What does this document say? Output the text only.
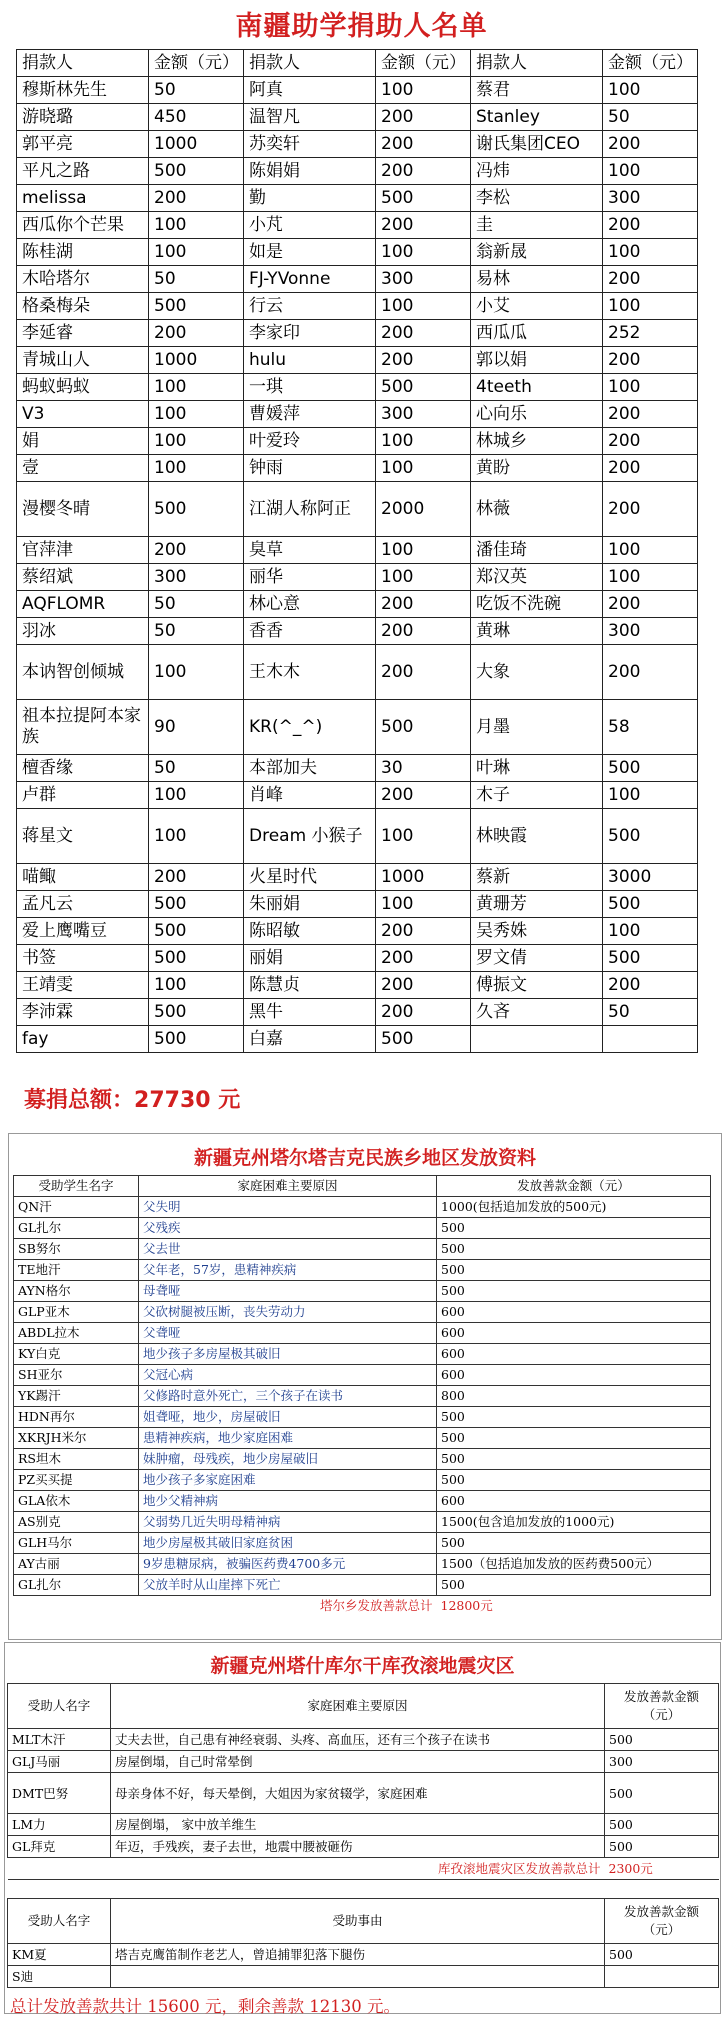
南疆助学捐助人名单
捐款人	金额（元）	捐款人	金额（元）	捐款人	金额（元）
穆斯林先生	50	阿真	100	蔡君	100
游晓璐	450	温智凡	200	Stanley	50
郭平亮	1000	苏奕轩	200	谢氏集团CEO	200
平凡之路	500	陈娟娟	200	冯炜	100
melissa	200	勤	500	李松	300
西瓜你个芒果	100	小芃	200	圭	200
陈桂湖	100	如是	100	翁新晟	100
木哈塔尔	50	FJ-YVonne	300	易林	200
格桑梅朵	500	行云	100	小艾	100
李延睿	200	李家印	200	西瓜瓜	252
青城山人	1000	hulu	200	郭以娟	200
蚂蚁蚂蚁	100	一琪	500	4teeth	100
V3	100	曹媛萍	300	心向乐	200
娟	100	叶爱玲	100	林城乡	200
壹	100	钟雨	100	黄盼	200
漫樱冬晴	500	江湖人称阿正	2000	林薇	200
官萍津	200	臭草	100	潘佳琦	100
蔡绍斌	300	丽华	100	郑汉英	100
AQFLOMR	50	林心意	200	吃饭不洗碗	200
羽冰	50	香香	200	黄琳	300
本讷智创倾城	100	王木木	200	大象	200
祖本拉提阿本家族	90	KR(^_^)	500	月墨	58
檀香缘	50	本部加夫	30	叶琳	500
卢群	100	肖峰	200	木子	100
蒋星文	100	Dream 小猴子	100	林映霞	500
喵鲰	200	火星时代	1000	蔡新	3000
孟凡云	500	朱丽娟	100	黄珊芳	500
爱上鹰嘴豆	500	陈昭敏	200	吴秀姝	100
书签	500	丽娟	200	罗文倩	500
王靖雯	100	陈慧贞	200	傅振文	200
李沛霖	500	黑牛	200	久吝	50
fay	500	白嘉	500		
募捐总额：27730 元
新疆克州塔尔塔吉克民族乡地区发放资料
受助学生名字	家庭困难主要原因	发放善款金额（元）
QN汗	父失明	1000(包括追加发放的500元)
GL扎尔	父残疾	500
SB努尔	父去世	500
TE地汗	父年老，57岁，患精神疾病	500
AYN格尔	母聋哑	500
GLP亚木	父砍树腿被压断，丧失劳动力	600
ABDL拉木	父聋哑	600
KY白克	地少孩子多房屋极其破旧	600
SH亚尔	父冠心病	600
YK踢汗	父修路时意外死亡，三个孩子在读书	800
HDN再尔	姐聋哑，地少，房屋破旧	500
XKRJH米尔	患精神疾病，地少家庭困难	500
RS坦木	妹肿瘤，母残疾，地少房屋破旧	500
PZ买买提	地少孩子多家庭困难	500
GLA依木	地少父精神病	600
AS别克	父弱势几近失明母精神病	1500(包含追加发放的1000元)
GLH马尔	地少房屋极其破旧家庭贫困	500
AY古丽	9岁患糖尿病，被骗医药费4700多元	1500（包括追加发放的医药费500元）
GL扎尔	父放羊时从山崖摔下死亡	500
	塔尔乡发放善款总计	12800元
新疆克州塔什库尔干库孜滚地震灾区
受助人名字	家庭困难主要原因	发放善款金额（元）
MLT木汗	丈夫去世，自己患有神经衰弱、头疼、高血压，还有三个孩子在读书	500
GLJ马丽	房屋倒塌，自己时常晕倒	300
DMT巴努	母亲身体不好，每天晕倒，大姐因为家贫辍学，家庭困难	500
LM力	房屋倒塌， 家中放羊维生	500
GL拜克	年迈，手残疾，妻子去世，地震中腰被砸伤	500
	库孜滚地震灾区发放善款总计	2300元

受助人名字	受助事由	发放善款金额（元）
KM夏	塔吉克鹰笛制作老艺人，曾追捕罪犯落下腿伤	500
S迪		
总计发放善款共计 15600 元，剩余善款 12130 元。
